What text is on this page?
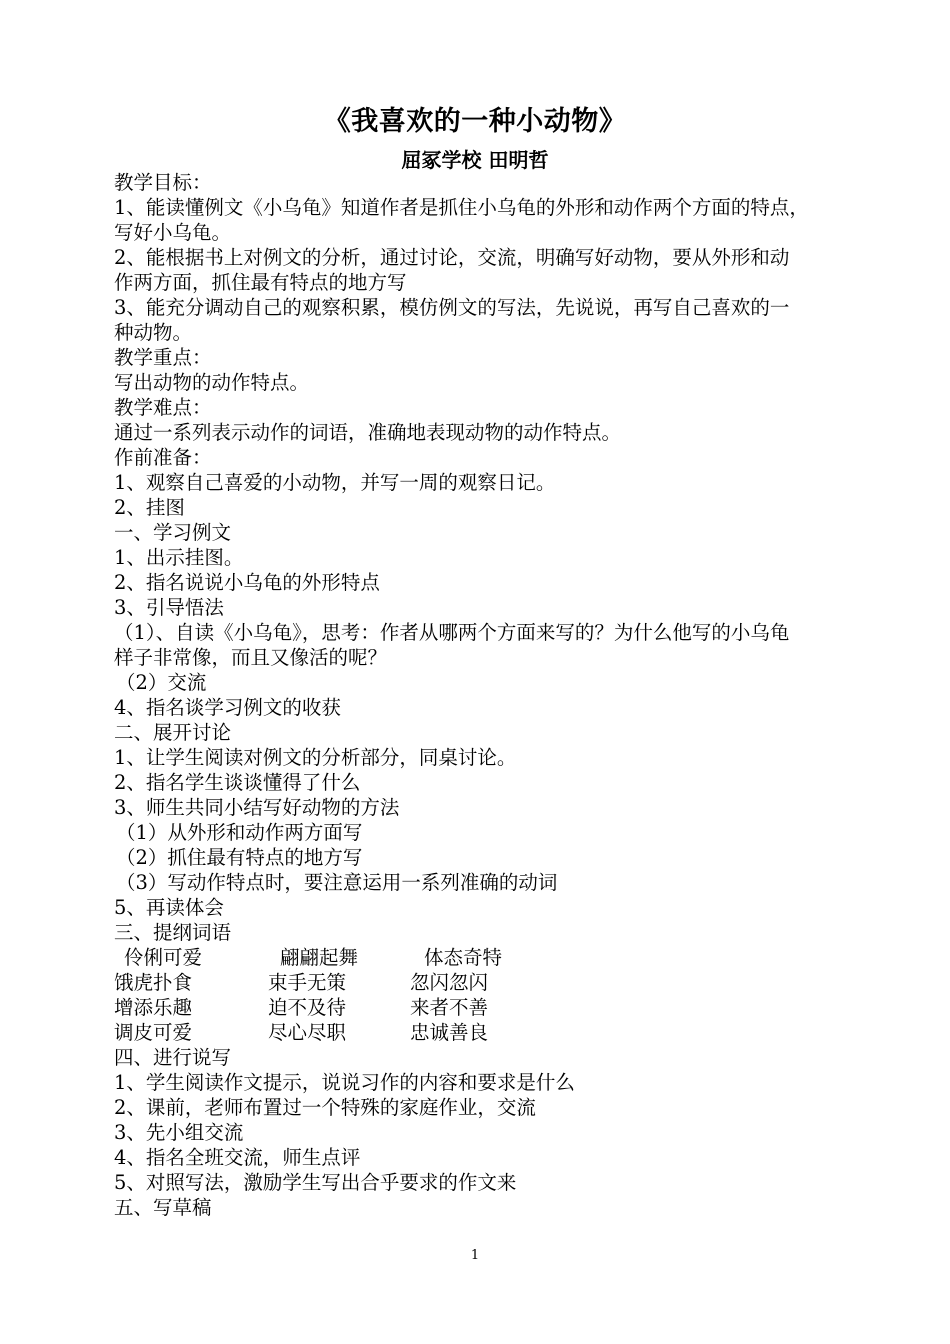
《我喜欢的一种小动物》
屈冢学校 田明哲
教学目标：
1、能读懂例文《小乌龟》知道作者是抓住小乌龟的外形和动作两个方面的特点，
写好小乌龟。
2、能根据书上对例文的分析，通过讨论，交流，明确写好动物，要从外形和动
作两方面，抓住最有特点的地方写
3、能充分调动自己的观察积累，模仿例文的写法，先说说，再写自己喜欢的一
种动物。
教学重点：
写出动物的动作特点。
教学难点：
通过一系列表示动作的词语，准确地表现动物的动作特点。
作前准备：
1、观察自己喜爱的小动物，并写一周的观察日记。
2、挂图
一、学习例文
1、出示挂图。
2、指名说说小乌龟的外形特点
3、引导悟法
（1）、自读《小乌龟》，思考：作者从哪两个方面来写的？为什么他写的小乌龟
样子非常像，而且又像活的呢？
（2）交流
4、指名谈学习例文的收获
二、展开讨论
1、让学生阅读对例文的分析部分，同桌讨论。
2、指名学生谈谈懂得了什么
3、师生共同小结写好动物的方法
（1）从外形和动作两方面写
（2）抓住最有特点的地方写
（3）写动作特点时，要注意运用一系列准确的动词
5、再读体会
三、提纲词语
伶俐可爱	翩翩起舞	体态奇特
饿虎扑食	束手无策	忽闪忽闪
增添乐趣	迫不及待	来者不善
调皮可爱	尽心尽职	忠诚善良
四、进行说写
1、学生阅读作文提示，说说习作的内容和要求是什么
2、课前，老师布置过一个特殊的家庭作业，交流
3、先小组交流
4、指名全班交流，师生点评
5、对照写法，激励学生写出合乎要求的作文来
五、写草稿
1
